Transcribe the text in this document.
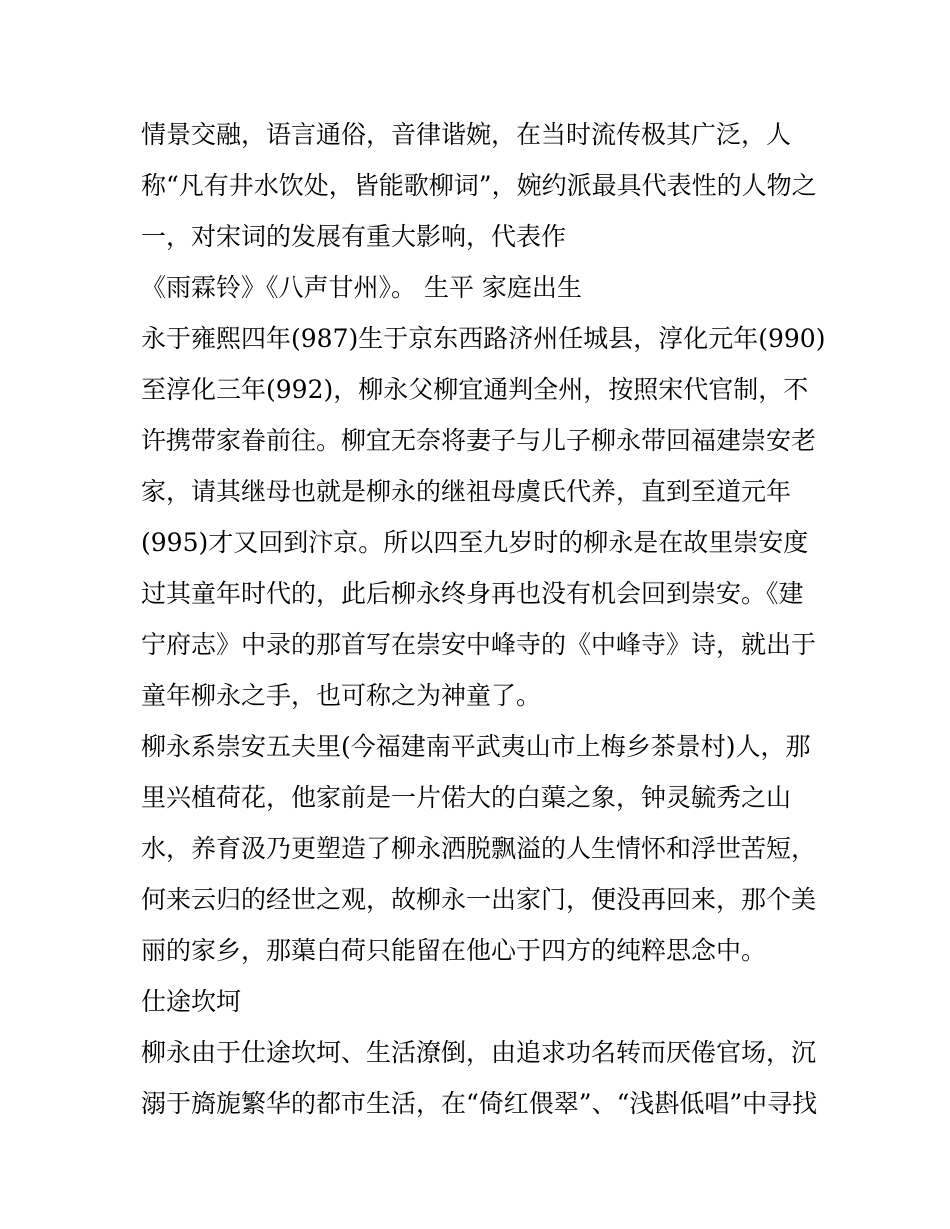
情景交融，语言通俗，音律谐婉，在当时流传极其广泛，人
称“凡有井水饮处，皆能歌柳词”，婉约派最具代表性的人物之
一，对宋词的发展有重大影响，代表作
《雨霖铃》《八声甘州》。 生平 家庭出生
永于雍熙四年(987)生于京东西路济州任城县，淳化元年(990)
至淳化三年(992)，柳永父柳宜通判全州，按照宋代官制，不
许携带家眷前往。柳宜无奈将妻子与儿子柳永带回福建崇安老
家，请其继母也就是柳永的继祖母虞氏代养，直到至道元年
(995)才又回到汴京。所以四至九岁时的柳永是在故里崇安度
过其童年时代的，此后柳永终身再也没有机会回到崇安。《建
宁府志》中录的那首写在崇安中峰寺的《中峰寺》诗，就出于
童年柳永之手，也可称之为神童了。
柳永系崇安五夫里(今福建南平武夷山市上梅乡茶景村)人，那
里兴植荷花，他家前是一片偌大的白蕖之象，钟灵毓秀之山
水，养育汲乃更塑造了柳永洒脱飘溢的人生情怀和浮世苦短，
何来云归的经世之观，故柳永一出家门，便没再回来，那个美
丽的家乡，那蕖白荷只能留在他心于四方的纯粹思念中。
仕途坎坷
柳永由于仕途坎坷、生活潦倒，由追求功名转而厌倦官场，沉
溺于旖旎繁华的都市生活，在“倚红偎翠”、“浅斟低唱”中寻找
